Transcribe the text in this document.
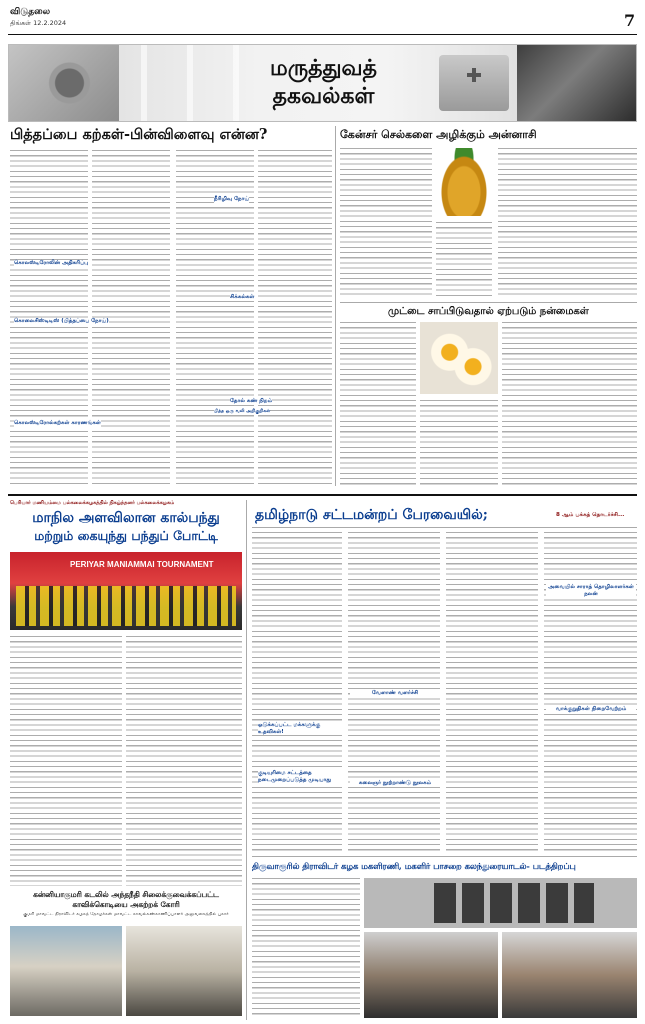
விடுதலை
திங்கள் 12.2.2024	7
மருத்துவத்
தகவல்கள்
பித்தப்பை கற்கள்-பின்விளைவு என்ன?
கொலஸ்டிரோலின் அதிகரிப்பு
கொலைசிஸ்டிடிஸ் (பித்தப்பை நோய்)
கொலஸ்டிரோல்கற்கள் காரணங்கள்
நீரிழிவு நோய்
சிக்கல்கள்
தோல் கண் நிறம்
பித்த ஒரு வலி அறிகுறிகள்
கேன்சர் செல்களை அழிக்கும் அன்னாசி
முட்டை சாப்பிடுவதால் ஏற்படும் நன்மைகள்
பெரியார் மணியம்மை பல்கலைக்கழகத்தில் நிகழ்ந்தனர் பல்கலைக்கழகம்
மாநில அளவிலான கால்பந்து
மற்றும் கையுந்து பந்துப் போட்டி
PERIYAR MANIAMMAI TOURNAMENT
கன்னியாகுமரி கடலில் அந்தநீதி சிலைக்குவைக்கப்பட்ட காவிக்கொடியை அகற்றக் கோரி
குமரி மாவட்ட திராவிடர் கழகத் தோழர்கள் மாவட்ட காவல்கண்காணிப்பாளர் அலுவலகத்தில் புகார்
தமிழ்நாடு சட்டமன்றப் பேரவையில்;	8 ஆம் பக்கத் தொடர்ச்சி...
ஒடுக்கப்பட்ட மக்களுக்கு உதவிகள்!
குடியுரிமை சட்டத்தை நடைமுறைப்படுத்த முடியாது
வேளாண் வளர்ச்சி
கலைஞர் நூற்றாண்டு நூலகம்
அவையில் சாராத் தொழிலாளர்கள் நலன்
வாக்குறுதிகள் நிறைவேற்றம்
திருவாரூரில் திராவிடர் கழக மகளிரணி, மகளிர் பாசறை கலந்துரையாடல்- படத்திறப்பு
